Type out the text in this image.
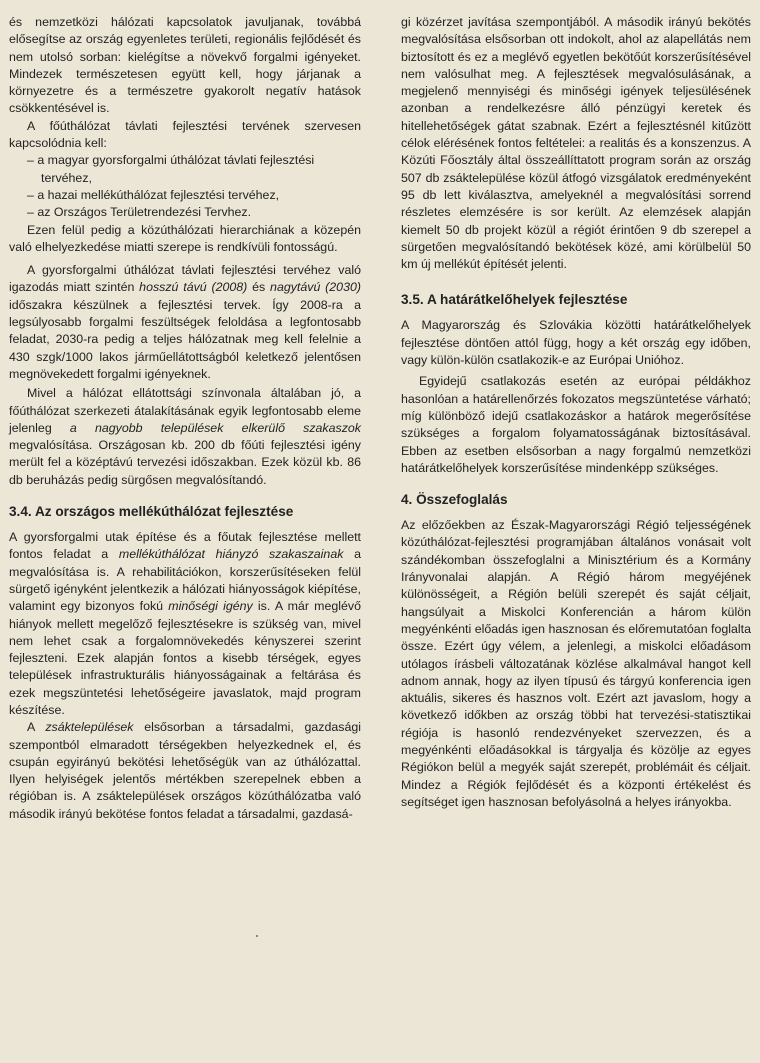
és nemzetközi hálózati kapcsolatok javuljanak, továbbá elősegítse az ország egyenletes területi, regionális fejlődését és nem utolsó sorban: kielégítse a növekvő forgalmi igényeket. Mindezek természetesen együtt kell, hogy járjanak a környezetre és a természetre gyakorolt negatív hatások csökkentésével is.

A főúthálózat távlati fejlesztési tervének szervesen kapcsolódnia kell:

– a magyar gyorsforgalmi úthálózat távlati fejlesztési tervéhez,
– a hazai mellékúthálózat fejlesztési tervéhez,
– az Országos Területrendezési Tervhez.

Ezen felül pedig a közúthálózati hierarchiának a közepén való elhelyezkedése miatti szerepe is rendkívüli fontosságú.

A gyorsforgalmi úthálózat távlati fejlesztési tervéhez való igazodás miatt szintén hosszú távú (2008) és nagytávú (2030) időszakra készülnek a fejlesztési tervek. Így 2008-ra a legsúlyosabb forgalmi feszültségek feloldása a legfontosabb feladat, 2030-ra pedig a teljes hálózatnak meg kell felelnie a 430 szgk/1000 lakos járműellátottságból keletkező jelentősen megnövekedett forgalmi igényeknek.

Mivel a hálózat ellátottsági színvonala általában jó, a főúthálózat szerkezeti átalakításának egyik legfontosabb eleme jelenleg a nagyobb települések elkerülő szakaszok megvalósítása. Országosan kb. 200 db főúti fejlesztési igény merült fel a középtávú tervezési időszakban. Ezek közül kb. 86 db beruházás pedig sürgősen megvalósítandó.

3.4. Az országos mellékúthálózat fejlesztése

A gyorsforgalmi utak építése és a főutak fejlesztése mellett fontos feladat a mellékúthálózat hiányzó szakaszainak a megvalósítása is. A rehabilitációkon, korszerűsítéseken felül sürgető igényként jelentkezik a hálózati hiányosságok kiépítése, valamint egy bizonyos fokú minőségi igény is. A már meglévő hiányok mellett megelőző fejlesztésekre is szükség van, mivel nem lehet csak a forgalomnövekedés kényszerei szerint fejleszteni. Ezek alapján fontos a kisebb térségek, egyes települések infrastrukturális hiányosságainak a feltárása és ezek megszüntetési lehetőségeire javaslatok, majd program készítése.

A zsáktelepülések elsősorban a társadalmi, gazdasági szempontból elmaradott térségekben helyezkednek el, és csupán egyirányú bekötési lehetőségük van az úthálózattal. Ilyen helyiségek jelentős mértékben szerepelnek ebben a régióban is. A zsáktelepülések országos közúthálózatba való második irányú bekötése fontos feladat a társadalmi, gazdasá-

gi közérzet javítása szempontjából. A második irányú bekötés megvalósítása elsősorban ott indokolt, ahol az alapellátás nem biztosított és ez a meglévő egyetlen bekötőút korszerűsítésével nem valósulhat meg. A fejlesztések megvalósulásának, a megjelenő mennyiségi és minőségi igények teljesülésének azonban a rendelkezésre álló pénzügyi keretek és hitellehetőségek gátat szabnak. Ezért a fejlesztésnél kitűzött célok elérésének fontos feltételei: a realitás és a konszenzus. A Közúti Főosztály által összeállíttatott program során az ország 507 db zsáktelepülése közül átfogó vizsgálatok eredményeként 95 db lett kiválasztva, amelyeknél a megvalósítási sorrend részletes elemzésére is sor került. Az elemzések alapján kiemelt 50 db projekt közül a régiót érintően 9 db szerepel a sürgetően megvalósítandó bekötések közé, ami körülbelül 50 km új mellékút építését jelenti.

3.5. A határátkelőhelyek fejlesztése

A Magyarország és Szlovákia közötti határátkelőhelyek fejlesztése döntően attól függ, hogy a két ország egy időben, vagy külön-külön csatlakozik-e az Európai Unióhoz.

Egyidejű csatlakozás esetén az európai példákhoz hasonlóan a határellenőrzés fokozatos megszüntetése várható; míg különböző idejű csatlakozáskor a határok megerősítése szükséges a forgalom folyamatosságának biztosításával. Ebben az esetben elsősorban a nagy forgalmú nemzetközi határátkelőhelyek korszerűsítése mindenképp szükséges.

4. Összefoglalás

Az előzőekben az Észak-Magyarországi Régió teljességének közúthálózat-fejlesztési programjában általános vonásait volt szándékomban összefoglalni a Minisztérium és a Kormány Irányvonalai alapján. A Régió három megyéjének különösségeit, a Régión belüli szerepét és saját céljait, hangsúlyait a Miskolci Konferencián a három külön megyénkénti előadás igen hasznosan és előremutatóan foglalta össze. Ezért úgy vélem, a jelenlegi, a miskolci előadásom utólagos írásbeli változatának közlése alkalmával hangot kell adnom annak, hogy az ilyen típusú és tárgyú konferencia igen aktuális, sikeres és hasznos volt. Ezért azt javaslom, hogy a következő időkben az ország többi hat tervezési-statisztikai régiója is hasonló rendezvényeket szervezzen, és a megyénkénti előadásokkal is tárgyalja és közölje az egyes Régiókon belül a megyék saját szerepét, problémáit és céljait. Mindez a Régiók fejlődését és a központi értékelést és segítséget igen hasznosan befolyásolná a helyes irányokba.
